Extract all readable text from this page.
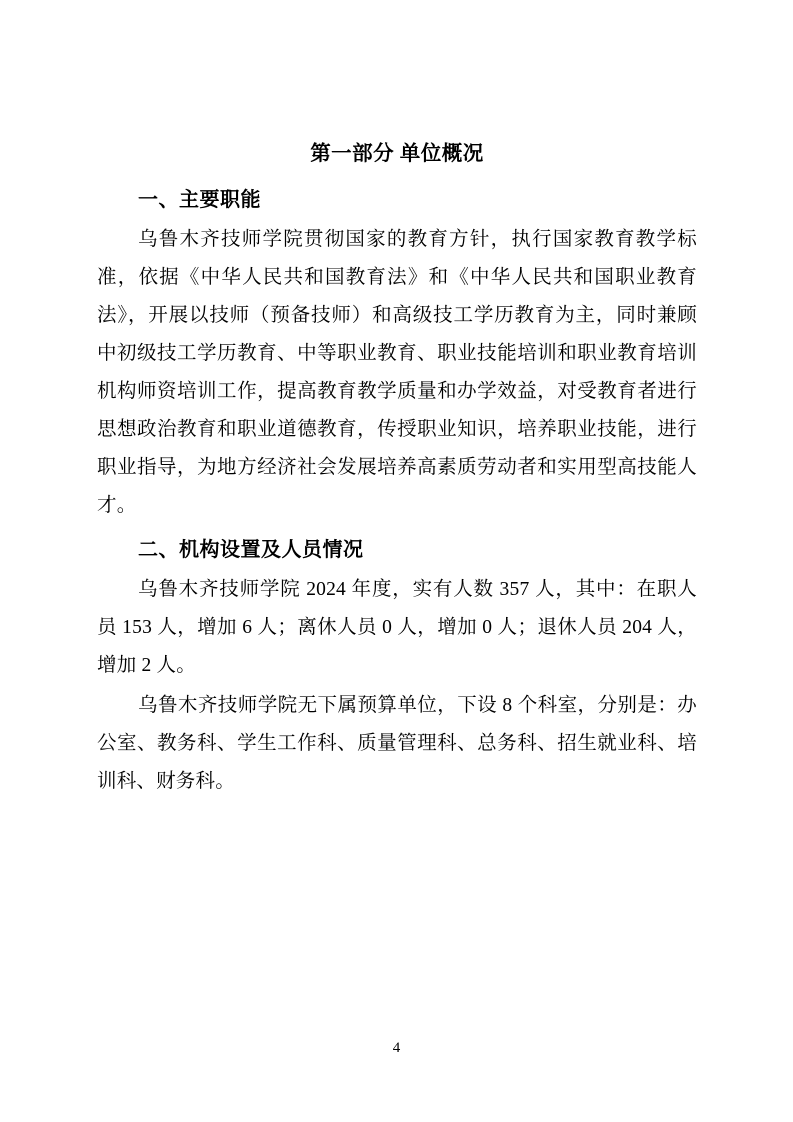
第一部分 单位概况
一、主要职能

乌鲁木齐技师学院贯彻国家的教育方针，执行国家教育教学标准，依据《中华人民共和国教育法》和《中华人民共和国职业教育法》，开展以技师（预备技师）和高级技工学历教育为主，同时兼顾中初级技工学历教育、中等职业教育、职业技能培训和职业教育培训机构师资培训工作，提高教育教学质量和办学效益，对受教育者进行思想政治教育和职业道德教育，传授职业知识，培养职业技能，进行职业指导，为地方经济社会发展培养高素质劳动者和实用型高技能人才。

二、机构设置及人员情况

乌鲁木齐技师学院 2024 年度，实有人数 357 人，其中：在职人员 153 人，增加 6 人；离休人员 0 人，增加 0 人；退休人员 204 人，增加 2 人。

乌鲁木齐技师学院无下属预算单位，下设 8 个科室，分别是：办公室、教务科、学生工作科、质量管理科、总务科、招生就业科、培训科、财务科。

4
